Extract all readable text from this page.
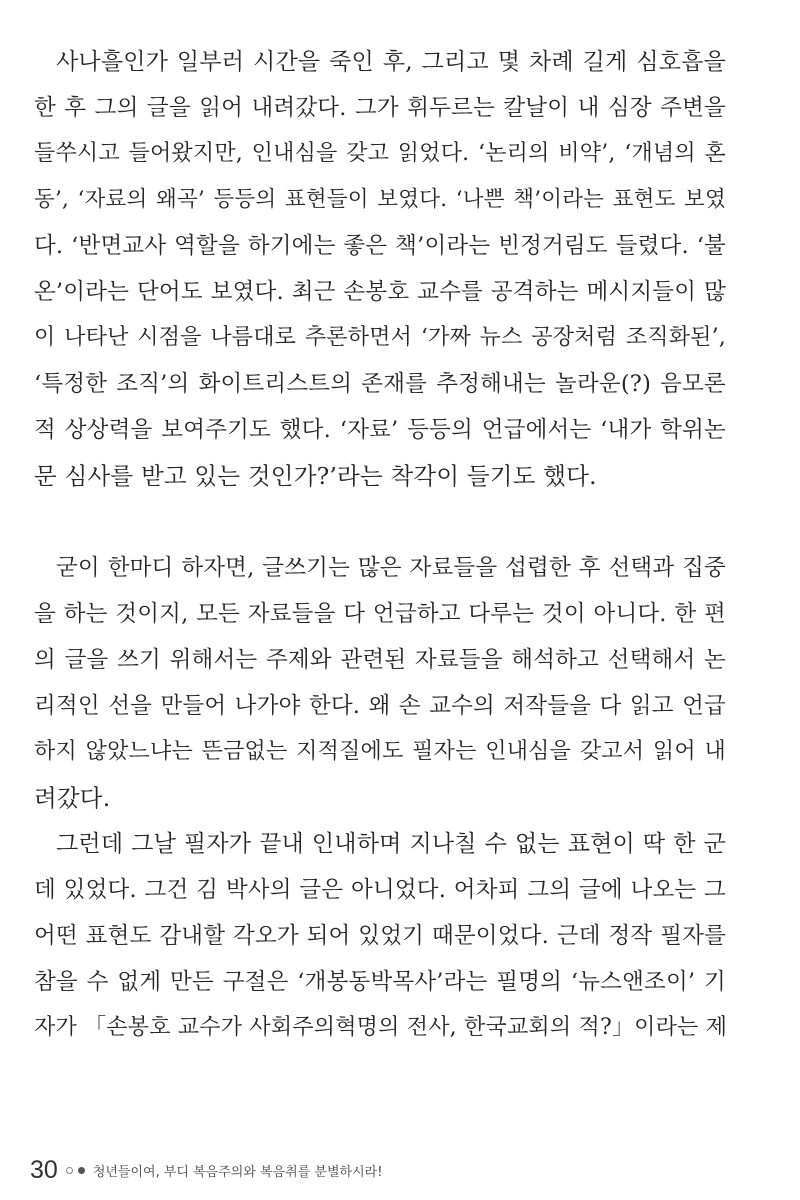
사나흘인가 일부러 시간을 죽인 후, 그리고 몇 차례 길게 심호흡을
한 후 그의 글을 읽어 내려갔다. 그가 휘두르는 칼날이 내 심장 주변을
들쑤시고 들어왔지만, 인내심을 갖고 읽었다. ‘논리의 비약’, ‘개념의 혼
동’, ‘자료의 왜곡’ 등등의 표현들이 보였다. ‘나쁜 책’이라는 표현도 보였
다. ‘반면교사 역할을 하기에는 좋은 책’이라는 빈정거림도 들렸다. ‘불
온’이라는 단어도 보였다. 최근 손봉호 교수를 공격하는 메시지들이 많
이 나타난 시점을 나름대로 추론하면서 ‘가짜 뉴스 공장처럼 조직화된’,
‘특정한 조직’의 화이트리스트의 존재를 추정해내는 놀라운(?) 음모론
적 상상력을 보여주기도 했다. ‘자료’ 등등의 언급에서는 ‘내가 학위논
문 심사를 받고 있는 것인가?’라는 착각이 들기도 했다.
굳이 한마디 하자면, 글쓰기는 많은 자료들을 섭렵한 후 선택과 집중
을 하는 것이지, 모든 자료들을 다 언급하고 다루는 것이 아니다. 한 편
의 글을 쓰기 위해서는 주제와 관련된 자료들을 해석하고 선택해서 논
리적인 선을 만들어 나가야 한다. 왜 손 교수의 저작들을 다 읽고 언급
하지 않았느냐는 뜬금없는 지적질에도 필자는 인내심을 갖고서 읽어 내
려갔다.
그런데 그날 필자가 끝내 인내하며 지나칠 수 없는 표현이 딱 한 군
데 있었다. 그건 김 박사의 글은 아니었다. 어차피 그의 글에 나오는 그
어떤 표현도 감내할 각오가 되어 있었기 때문이었다. 근데 정작 필자를
참을 수 없게 만든 구절은 ‘개봉동박목사’라는 필명의 ‘뉴스앤조이’ 기
자가 「손봉호 교수가 사회주의혁명의 전사, 한국교회의 적?」이라는 제
30	청년들이여, 부디 복음주의와 복음취를 분별하시라!
